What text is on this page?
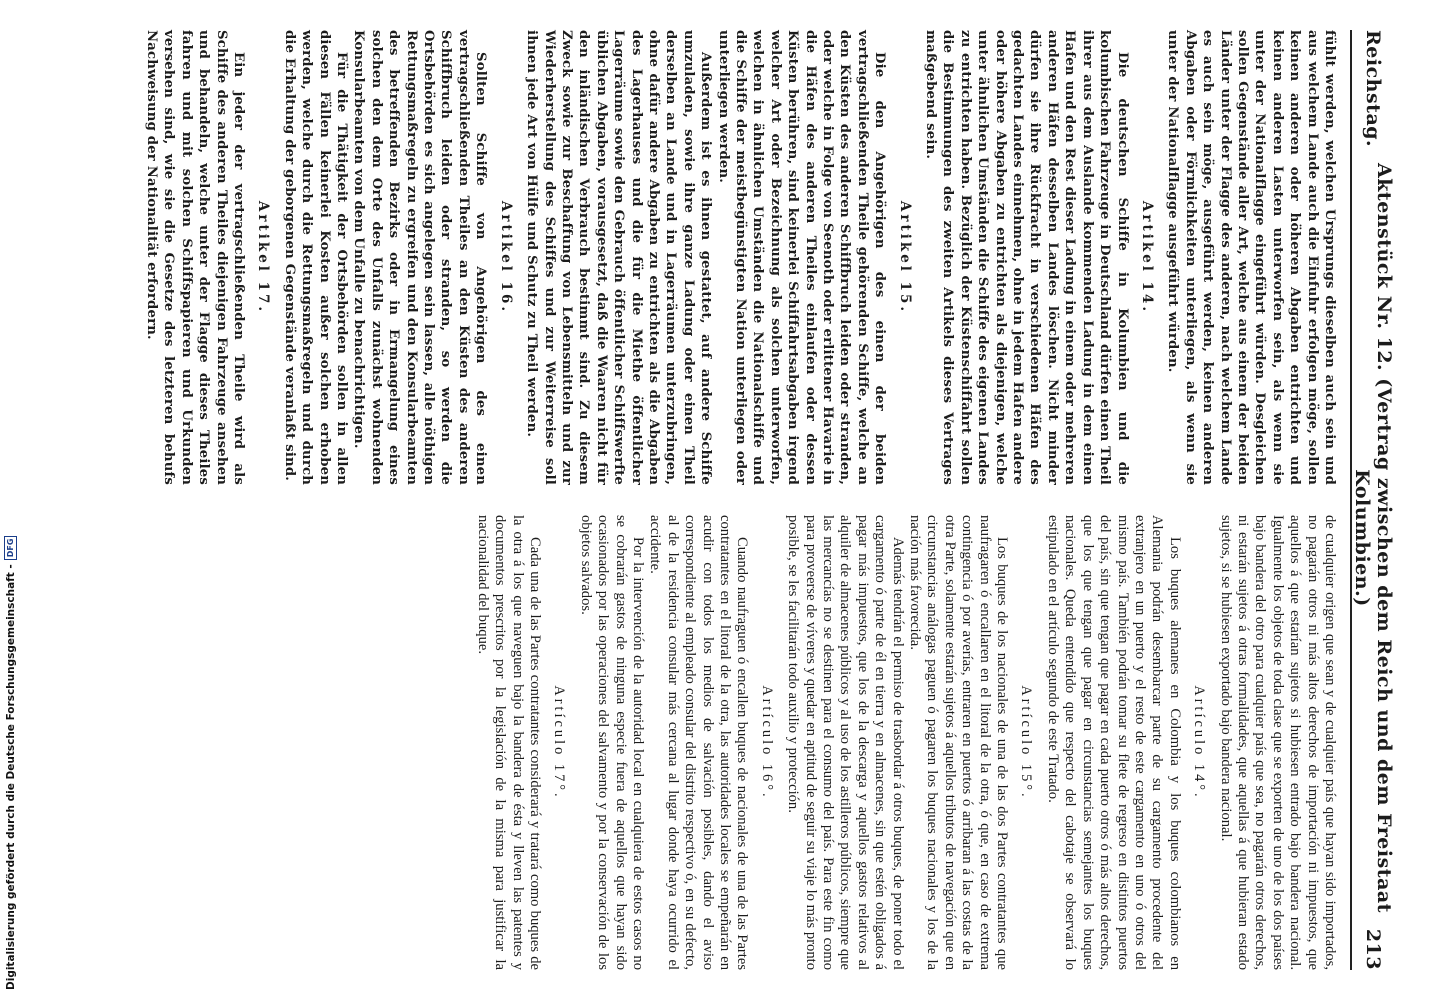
Digitalisierung gefördert durch die Deutsche Forschungsgemeinschaft -
DFG
Reichstag.
Aktenstück Nr. 12. (Vertrag zwischen dem Reich und dem Freistaat Kolumbien.)
213

fühlt werden, welchen Ursprungs dieselben auch sein und aus welchem Lande auch die Einfuhr erfolgen möge, sollen keinen anderen oder höheren Abgaben entrichten und keinen anderen Lasten unterworfen sein, als wenn sie unter der Nationalflagge eingeführt würden. Desgleichen sollen Gegenstände aller Art, welche aus einem der beiden Länder unter der Flagge des anderen, nach welchem Lande es auch sein möge, ausgeführt werden, keinen anderen Abgaben oder Förmlichkeiten unterliegen, als wenn sie unter der Nationalflagge ausgeführt würden.

Artikel 14.

Die deutschen Schiffe in Kolumbien und die kolumbischen Fahrzeuge in Deutschland dürfen einen Theil ihrer aus dem Auslande kommenden Ladung in dem einen Hafen und den Rest dieser Ladung in einem oder mehreren anderen Häfen desselben Landes löschen. Nicht minder dürfen sie ihre Rückfracht in verschiedenen Häfen des gedachten Landes einnehmen, ohne in jedem Hafen andere oder höhere Abgaben zu entrichten als diejenigen, welche unter ähnlichen Umständen die Schiffe des eigenen Landes zu entrichten haben. Bezüglich der Küstenschiffahrt sollen die Bestimmungen des zweiten Artikels dieses Vertrages maßgebend sein.

Artikel 15.

Die den Angehörigen des einen der beiden vertragschließenden Theile gehörenden Schiffe, welche an den Küsten des anderen Schiffbruch leiden oder stranden, oder welche in Folge von Seenoth oder erlittener Havarie in die Häfen des anderen Theiles einlaufen oder dessen Küsten berühren, sind keinerlei Schiffahrtsabgaben irgend welcher Art oder Bezeichnung als solchen unterworfen, welchen in ähnlichen Umständen die Nationalschiffe und die Schiffe der meistbegünstigten Nation unterliegen oder unterliegen werden.

Außerdem ist es ihnen gestattet, auf andere Schiffe umzuladen, sowie ihre ganze Ladung oder einen Theil derselben an Lande und in Lagerräumen unterzubringen, ohne dafür andere Abgaben zu entrichten als die Abgaben des Lagerhauses und die für die Miethe öffentlicher Lagerräume sowie den Gebrauch öffentlicher Schiffswerfte üblichen Abgaben, vorausgesetzt, daß die Waaren nicht für den inländischen Verbrauch bestimmt sind. Zu diesem Zweck sowie zur Beschaffung von Lebensmitteln und zur Wiederherstellung des Schiffes und zur Weiterreise soll ihnen jede Art von Hülfe und Schutz zu Theil werden.

Artikel 16.

Sollten Schiffe von Angehörigen des einen vertragschließenden Theiles an den Küsten des anderen Schiffbruch leiden oder stranden, so werden die Ortsbehörden es sich angelegen sein lassen, alle nöthigen Rettungsmaßregeln zu ergreifen und den Konsularbeamten des betreffenden Bezirks oder in Ermangelung eines solchen den dem Orte des Unfalls zunächst wohnenden Konsularbeamten von dem Unfalle zu benachrichtigen.

Für die Thätigkeit der Ortsbehörden sollen in allen diesen Fällen keinerlei Kosten außer solchen erhoben werden, welche durch die Rettungsmaßregeln und durch die Erhaltung der geborgenen Gegenstände veranlaßt sind.

Artikel 17.

Ein jeder der vertragschließenden Theile wird als Schiffe des anderen Theiles diejenigen Fahrzeuge ansehen und behandeln, welche unter der Flagge dieses Theiles fahren und mit solchen Schiffspapieren und Urkunden versehen sind, wie sie die Gesetze des letzteren behufs Nachweisung der Nationalität erfordern.

de cualquier origen que sean y de cualquier país que hayan sido importados, no pagarán otros ni más altos derechos de importación ni impuestos, que aquellos á que estarían sujetos si hubiesen entrado bajo bandera nacional. Igualmente los objetos de toda clase que se exporten de uno de los dos países bajo bandera del otro para cualquier país que sea, no pagarán otros derechos, ni estarán sujetos á otras formalidades, que aquellas á que hubieran estado sujetos, si se hubiesen exportado bajo bandera nacional.

Artículo 14°.

Los buques alemanes en Colombia y los buques colombianos en Alemania podrán desembarcar parte de su cargamento procedente del extranjero en un puerto y el resto de este cargamento en uno ó otros del mismo país. También podrán tomar su flete de regreso en distintos puertos del país, sin que tengan que pagar en cada puerto otros ó más altos derechos, que los que tengan que pagar en circunstancias semejantes los buques nacionales. Queda entendido que respecto del cabotaje se observará lo estipulado en el artículo segundo de este Tratado.

Artículo 15°.

Los buques de los nacionales de una de las dos Partes contratantes que naufragaren ó encallaren en el litoral de la otra, ó que, en caso de extrema contingencia ó por averías, entraren en puertos ó arribaran á las costas de la otra Parte, solamente estarán sujetos á aquellos tributos de navegación que en circunstancias análogas paguen ó pagaren los buques nacionales y los de la nación más favorecida.

Además tendrán el permiso de trasbordar á otros buques, de poner todo el cargamento ó parte de él en tierra y en almacenes, sin que estén obligados á pagar más impuestos, que los de la descarga y aquellos gastos relativos al alquiler de almacenes públicos y al uso de los astilleros públicos, siempre que las mercancías no se destinen para el consumo del país. Para este fin como para proveerse de víveres y quedar en aptitud de seguir su viaje lo más pronto posible, se les facilitarán todo auxilio y protección.

Artículo 16°.

Cuando naufraguen ó encallen buques de nacionales de una de las Partes contratantes en el litoral de la otra, las autoridades locales se empeñarán en acudir con todos los medios de salvación posibles, dando el aviso correspondiente al empleado consular del distrito respectivo ó, en su defecto, al de la residencia consular más cercana al lugar donde haya ocurrido el accidente.

Por la intervención de la autoridad local en cualquiera de estos casos no se cobrarán gastos de ninguna especie fuera de aquellos que hayan sido ocasionados por las operaciones del salvamento y por la conservación de los objetos salvados.

Artículo 17°.

Cada una de las Partes contratantes considerará y tratará como buques de la otra á los que naveguen bajo la bandera de ésta y lleven las patentes y documentos prescritos por la legislación de la misma para justificar la nacionalidad del buque.
